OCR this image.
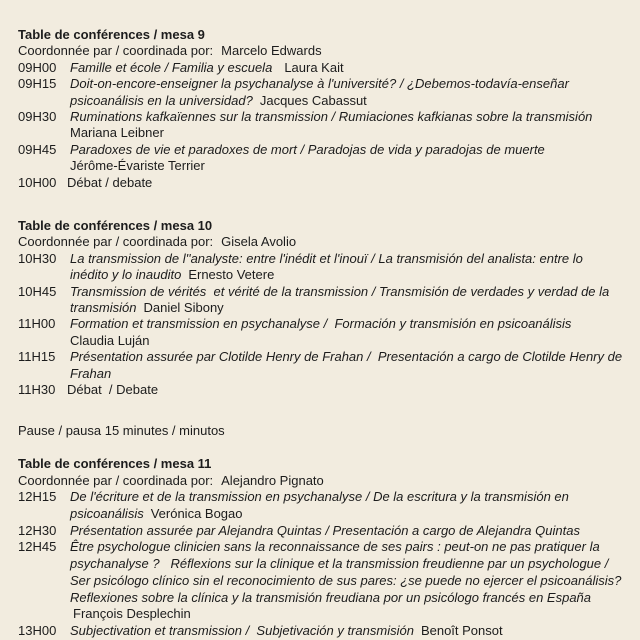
Table de conférences / mesa 9
Coordonnée par / coordinada por: Marcelo Edwards
09H00 Famille et école / Familia y escuela Laura Kait
09H15 Doit-on-encore-enseigner la psychanalyse à l'université? / ¿Debemos-todavía-enseñar
psicoanálisis en la universidad? Jacques Cabassut
09H30 Ruminations kafkaïennes sur la transmission / Rumiaciones kafkianas sobre la transmisión
Mariana Leibner
09H45 Paradoxes de vie et paradoxes de mort / Paradojas de vida y paradojas de muerte
Jérôme-Évariste Terrier
10H00 Débat / debate
Table de conférences / mesa 10
Coordonnée par / coordinada por: Gisela Avolio
10H30 La transmission de l''analyste: entre l'inédit et l'inouï / La transmisión del analista: entre lo
inédito y lo inaudito Ernesto Vetere
10H45 Transmission de vérités  et vérité de la transmission / Transmisión de verdades y verdad de la
transmisión Daniel Sibony
11H00 Formation et transmission en psychanalyse /  Formación y transmisión en psicoanálisis
Claudia Luján
11H15 Présentation assurée par Clotilde Henry de Frahan /  Presentación a cargo de Clotilde Henry de
Frahan
11H30 Débat  / Debate
Pause / pausa 15 minutes / minutos
Table de conférences / mesa 11
Coordonnée par / coordinada por: Alejandro Pignato
12H15 De l'écriture et de la transmission en psychanalyse / De la escritura y la transmisión en
psicoanálisis Verónica Bogao
12H30 Présentation assurée par Alejandra Quintas / Presentación a cargo de Alejandra Quintas
12H45 Être psychologue clinicien sans la reconnaissance de ses pairs : peut-on ne pas pratiquer la
psychanalyse ?   Réflexions sur la clinique et la transmission freudienne par un psychologue /
Ser psicólogo clínico sin el reconocimiento de sus pares: ¿se puede no ejercer el psicoanálisis?
Reflexiones sobre la clínica y la transmisión freudiana por un psicólogo francés en España
François Desplechin
13H00 Subjectivation et transmission /  Subjetivación y transmisión Benoît Ponsot
